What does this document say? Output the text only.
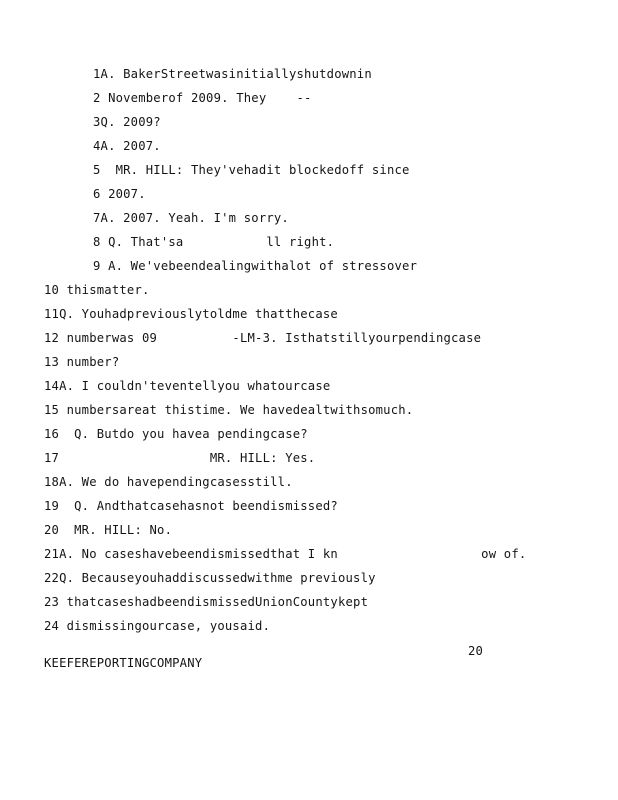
1A. BakerStreetwasinitiallyshutdownin
2 Novemberof 2009. They    --
3Q. 2009?
4A. 2007.
5  MR. HILL: They'vehadit blockedoff since
6 2007.
7A. 2007. Yeah. I'm sorry.
8 Q. That'sa           ll right.
9 A. We'vebeendealingwithalot of stressover
10 thismatter.
11Q. Youhadpreviouslytoldme thatthecase
12 numberwas 09          -LM-3. Isthatstillyourpendingcase
13 number?
14A. I couldn'teventellyou whatourcase
15 numbersareat thistime. We havedealtwithsomuch.
16  Q. Butdo you havea pendingcase?
17                    MR. HILL: Yes.
18A. We do havependingcasesstill.
19  Q. Andthatcasehasnot beendismissed?
20  MR. HILL: No.
21A. No caseshavebeendismissedthat I kn                   ow of.
22Q. Becauseyouhaddiscussedwithme previously
23 thatcaseshadbeendismissedUnionCountykept
24 dismissingourcase, yousaid.
20
KEEFEREPORTINGCOMPANY
